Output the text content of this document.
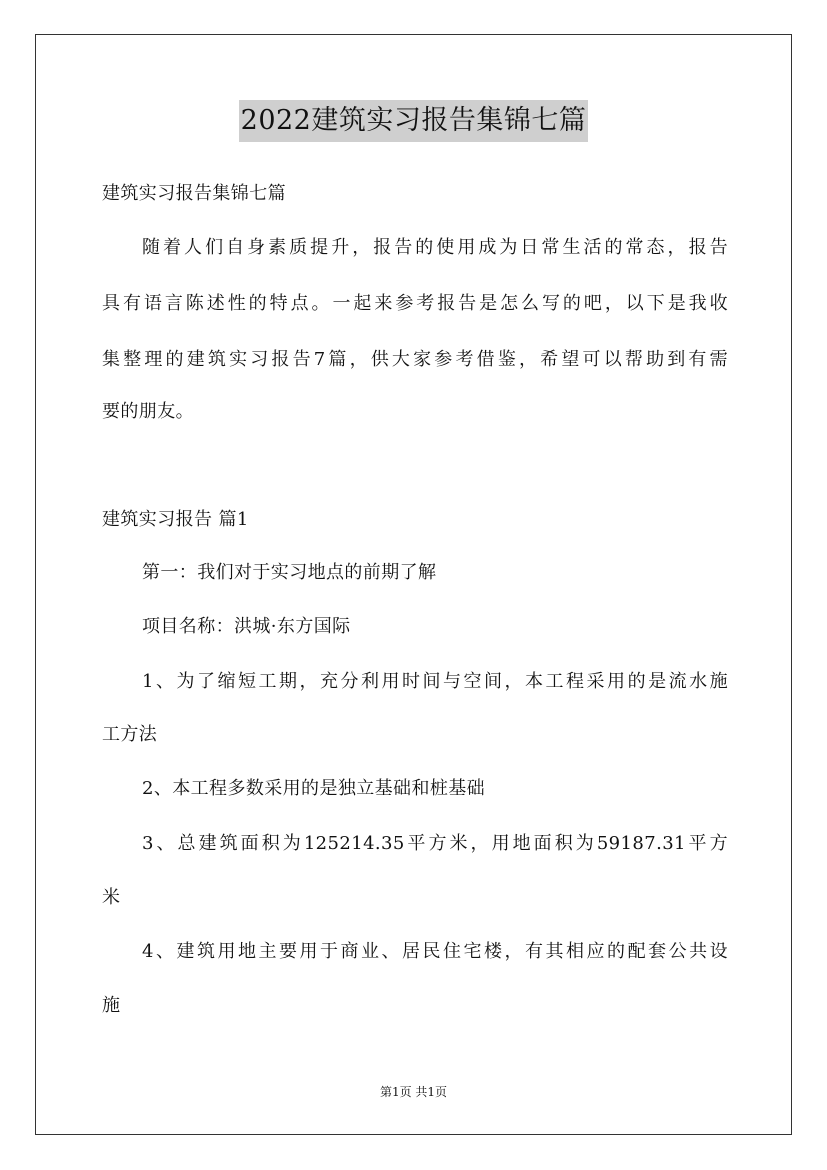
2022建筑实习报告集锦七篇
建筑实习报告集锦七篇
随着人们自身素质提升，报告的使用成为日常生活的常态，报告
具有语言陈述性的特点。一起来参考报告是怎么写的吧，以下是我收
集整理的建筑实习报告7篇，供大家参考借鉴，希望可以帮助到有需
要的朋友。
建筑实习报告 篇1
第一：我们对于实习地点的前期了解
项目名称：洪城·东方国际
1、为了缩短工期，充分利用时间与空间，本工程采用的是流水施
工方法
2、本工程多数采用的是独立基础和桩基础
3、总建筑面积为125214.35平方米，用地面积为59187.31平方
米
4、建筑用地主要用于商业、居民住宅楼，有其相应的配套公共设
施
第1页 共1页
